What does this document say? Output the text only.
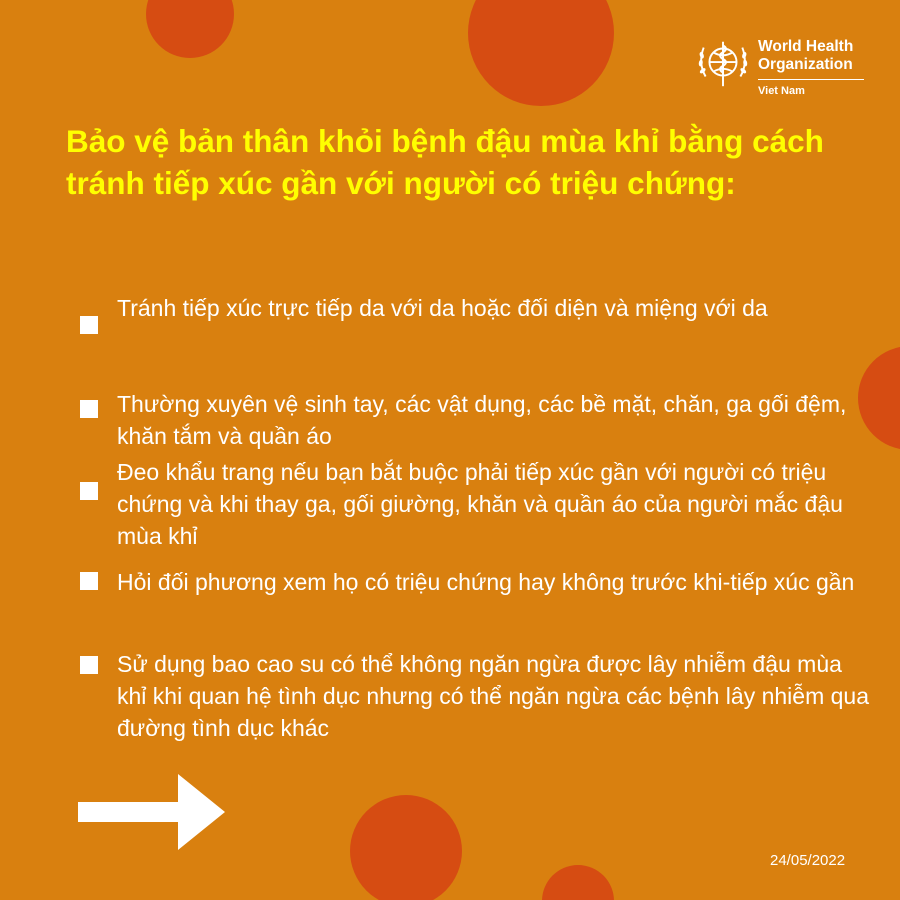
World Health
Organization
Viet Nam
Bảo vệ bản thân khỏi bệnh đậu mùa khỉ bằng cách tránh tiếp xúc gần với người có triệu chứng:
Tránh tiếp xúc trực tiếp da với da hoặc đối diện và miệng với da
Thường xuyên vệ sinh tay, các vật dụng, các bề mặt, chăn, ga gối đệm, khăn tắm và quần áo
Đeo khẩu trang nếu bạn bắt buộc phải tiếp xúc gần với người có triệu chứng và khi thay ga, gối giường, khăn và quần áo của người mắc đậu mùa khỉ
Hỏi đối phương xem họ có triệu chứng hay không trước khi-tiếp xúc gần
Sử dụng bao cao su có thể không ngăn ngừa được lây nhiễm đậu mùa khỉ khi quan hệ tình dục nhưng có thể ngăn ngừa các bệnh lây nhiễm qua đường tình dục khác
24/05/2022
